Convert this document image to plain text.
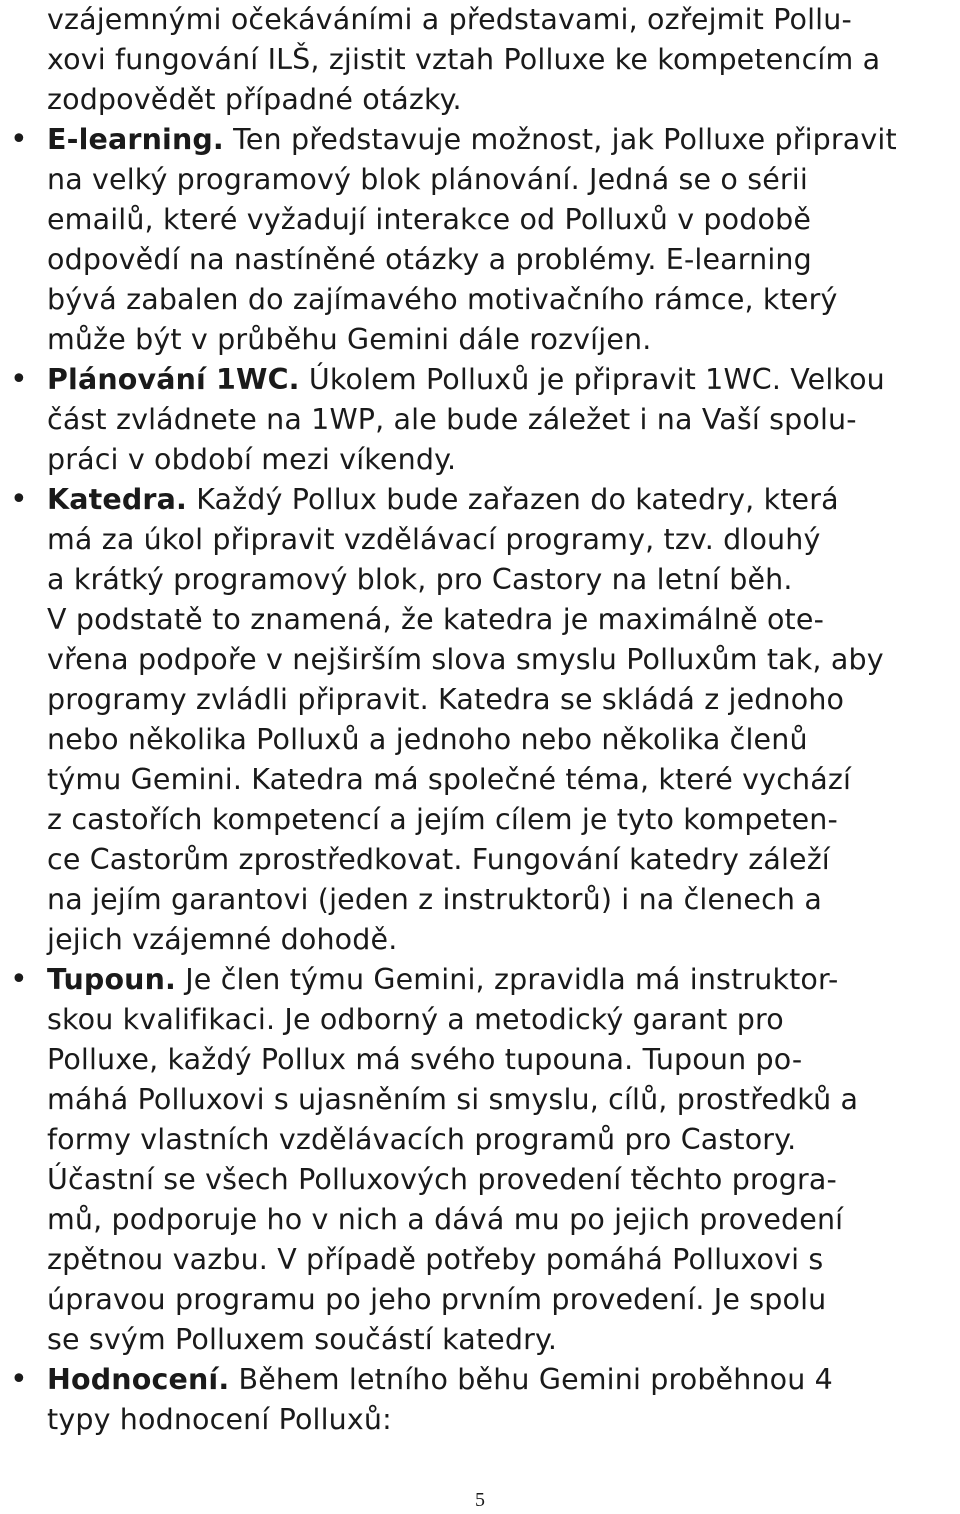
vzájemnými očekáváními a představami, ozřejmit Pollu-
xovi fungování ILŠ, zjistit vztah Polluxe ke kompetencím a
zodpovědět případné otázky.
• E-learning. Ten představuje možnost, jak Polluxe připravit
na velký programový blok plánování. Jedná se o sérii
emailů, které vyžadují interakce od Polluxů v podobě
odpovědí na nastíněné otázky a problémy. E-learning
bývá zabalen do zajímavého motivačního rámce, který
může být v průběhu Gemini dále rozvíjen.
• Plánování 1WC. Úkolem Polluxů je připravit 1WC. Velkou
část zvládnete na 1WP, ale bude záležet i na Vaší spolu-
práci v období mezi víkendy.
• Katedra. Každý Pollux bude zařazen do katedry, která
má za úkol připravit vzdělávací programy, tzv. dlouhý
a krátký programový blok, pro Castory na letní běh.
V podstatě to znamená, že katedra je maximálně ote-
vřena podpoře v nejširším slova smyslu Polluxům tak, aby
programy zvládli připravit. Katedra se skládá z jednoho
nebo několika Polluxů a jednoho nebo několika členů
týmu Gemini. Katedra má společné téma, které vychází
z castořích kompetencí a jejím cílem je tyto kompeten-
ce Castorům zprostředkovat. Fungování katedry záleží
na jejím garantovi (jeden z instruktorů) i na členech a
jejich vzájemné dohodě.
• Tupoun. Je člen týmu Gemini, zpravidla má instruktor-
skou kvalifikaci. Je odborný a metodický garant pro
Polluxe, každý Pollux má svého tupouna. Tupoun po-
máhá Polluxovi s ujasněním si smyslu, cílů, prostředků a
formy vlastních vzdělávacích programů pro Castory.
Účastní se všech Polluxových provedení těchto progra-
mů, podporuje ho v nich a dává mu po jejich provedení
zpětnou vazbu. V případě potřeby pomáhá Polluxovi s
úpravou programu po jeho prvním provedení. Je spolu
se svým Polluxem součástí katedry.
• Hodnocení. Během letního běhu Gemini proběhnou 4
typy hodnocení Polluxů:
5
